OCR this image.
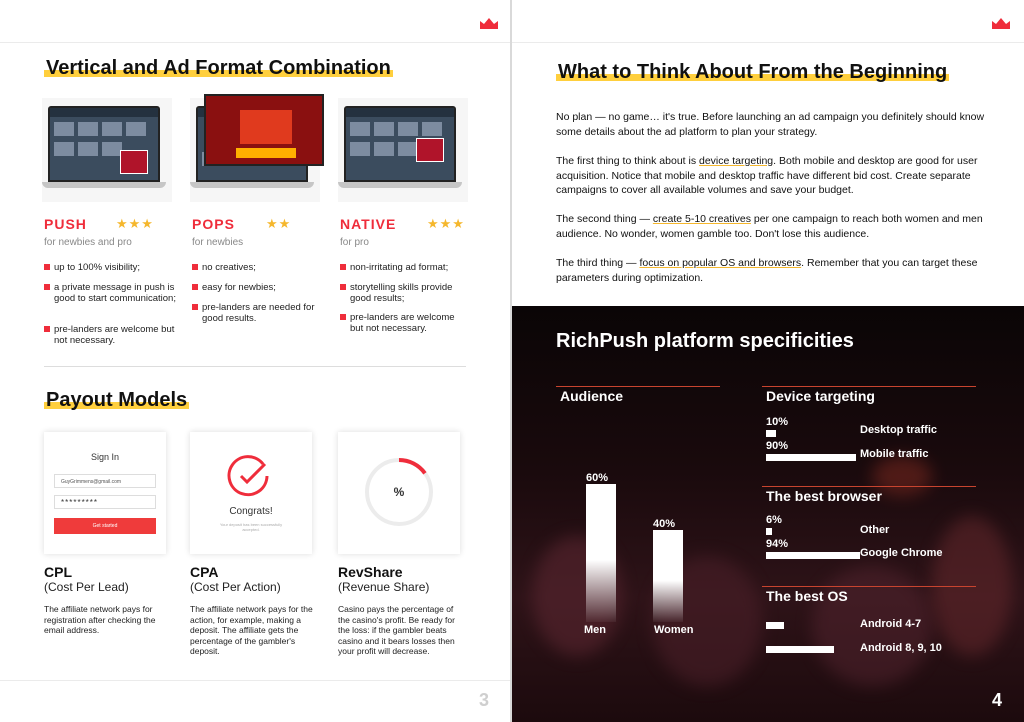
Vertical and Ad Format Combination
PUSH ★★★
for newbies and pro
up to 100% visibility;
a private message in push is good to start communication;
pre-landers are welcome but not necessary.
POPS ★★
for newbies
no creatives;
easy for newbies;
pre-landers are needed for good results.
NATIVE ★★★
for pro
non-irritating ad format;
storytelling skills provide good results;
pre-landers are welcome but not necessary.
Payout Models
Sign In
GuyGrimmens@gmail.com
*********
Get started
Congrats!
Your deposit has been successfully accepted.
%
CPL
(Cost Per Lead)
The affiliate network pays for registration after checking the email address.
CPA
(Cost Per Action)
The affiliate network pays for the action, for example, making a deposit. The affiliate gets the percentage of the gambler's deposit.
RevShare
(Revenue Share)
Casino pays the percentage of the casino's profit. Be ready for the loss: if the gambler beats casino and it bears losses then your profit will decrease.
3
What to Think About From the Beginning
No plan — no game… it's true. Before launching an ad campaign you definitely should know some details about the ad platform to plan your strategy.
The first thing to think about is device targeting. Both mobile and desktop are good for user acquisition. Notice that mobile and desktop traffic have different bid cost. Create separate campaigns to cover all available volumes and save your budget.
The second thing — create 5-10 creatives per one campaign to reach both women and men audience. No wonder, women gamble too. Don't lose this audience.
The third thing — focus on popular OS and browsers. Remember that you can target these parameters during optimization.
RichPush platform specificities
Audience
60%
40%
Men	Women
Device targeting
10%
Desktop traffic
90%
Mobile traffic
The best browser
6%
Other
94%
Google Chrome
The best OS
Android 4-7
Android 8, 9, 10
4
